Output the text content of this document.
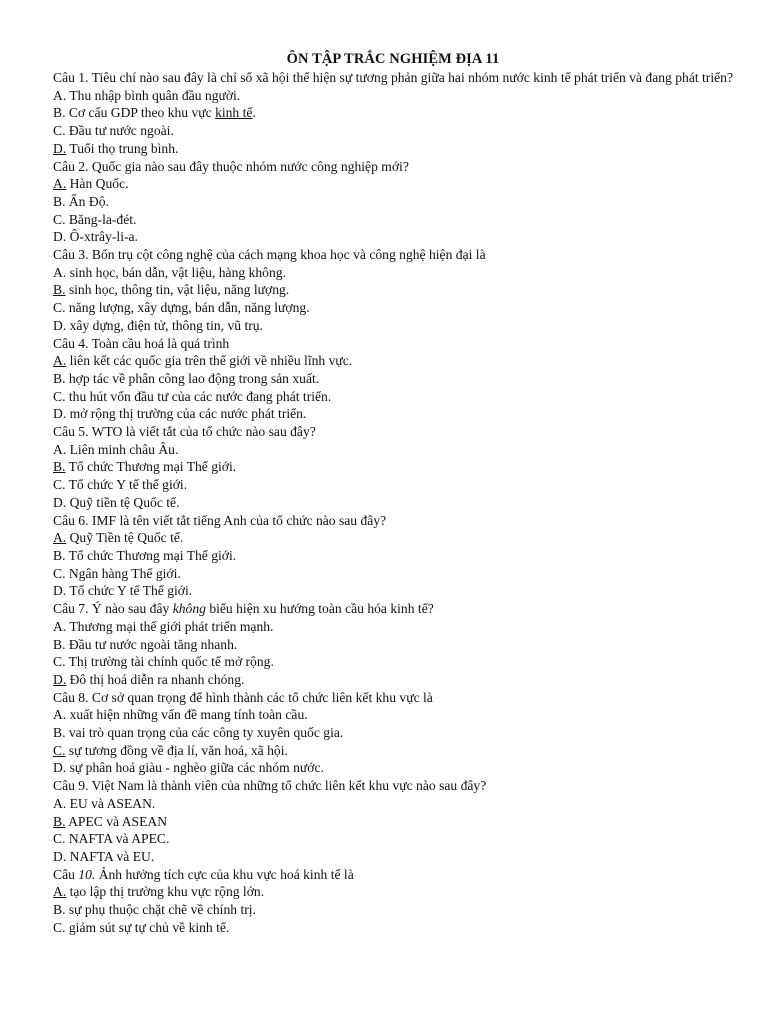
ÔN TẬP TRẮC NGHIỆM ĐỊA 11
Câu 1. Tiêu chí nào sau đây là chỉ số xã hội thể hiện sự tương phản giữa hai nhóm nước kinh tế phát triển và đang phát triển?
A. Thu nhập bình quân đầu người.
B. Cơ cấu GDP theo khu vực kinh tế.
C. Đầu tư nước ngoài.
D. Tuổi thọ trung bình.
Câu 2. Quốc gia nào sau đây thuộc nhóm nước công nghiệp mới?
A. Hàn Quốc.
B. Ấn Độ.
C. Băng-la-đét.
D. Ô-xtrây-li-a.
Câu 3. Bốn trụ cột công nghệ của cách mạng khoa học và công nghệ hiện đại là
A. sinh học, bán dẫn, vật liệu, hàng không.
B. sinh học, thông tin, vật liệu, năng lượng.
C. năng lượng, xây dựng, bán dẫn, năng lượng.
D. xây dựng, điện tử, thông tin, vũ trụ.
Câu 4. Toàn cầu hoá là quá trình
A. liên kết các quốc gia trên thế giới về nhiều lĩnh vực.
B. hợp tác về phân công lao động trong sản xuất.
C. thu hút vốn đầu tư của các nước đang phát triển.
D. mở rộng thị trường của các nước phát triển.
Câu 5. WTO là viết tắt của tổ chức nào sau đây?
A. Liên minh châu Âu.
B. Tổ chức Thương mại Thế giới.
C. Tổ chức Y tế thế giới.
D. Quỹ tiền tệ Quốc tế.
Câu 6. IMF là tên viết tắt tiếng Anh của tổ chức nào sau đây?
A. Quỹ Tiền tệ Quốc tế.
B. Tổ chức Thương mại Thế giới.
C. Ngân hàng Thế giới.
D. Tổ chức Y tế Thế giới.
Câu 7. Ý nào sau đây không biểu hiện xu hướng toàn cầu hóa kinh tế?
A. Thương mại thế giới phát triển mạnh.
B. Đầu tư nước ngoài tăng nhanh.
C. Thị trường tài chính quốc tế mở rộng.
D. Đô thị hoá diễn ra nhanh chóng.
Câu 8. Cơ sở quan trọng để hình thành các tổ chức liên kết khu vực là
A. xuất hiện những vấn đề mang tính toàn cầu.
B. vai trò quan trọng của các công ty xuyên quốc gia.
C. sự tương đồng về địa lí, văn hoá, xã hội.
D. sự phân hoá giàu - nghèo giữa các nhóm nước.
Câu 9. Việt Nam là thành viên của những tổ chức liên kết khu vực nào sau đây?
A. EU và ASEAN.
B. APEC và ASEAN
C. NAFTA và APEC.
D. NAFTA và EU.
Câu 10. Ảnh hưởng tích cực của khu vực hoá kinh tế là
A. tạo lập thị trường khu vực rộng lớn.
B. sự phụ thuộc chặt chẽ về chính trị.
C. giảm sút sự tự chủ về kinh tế.
